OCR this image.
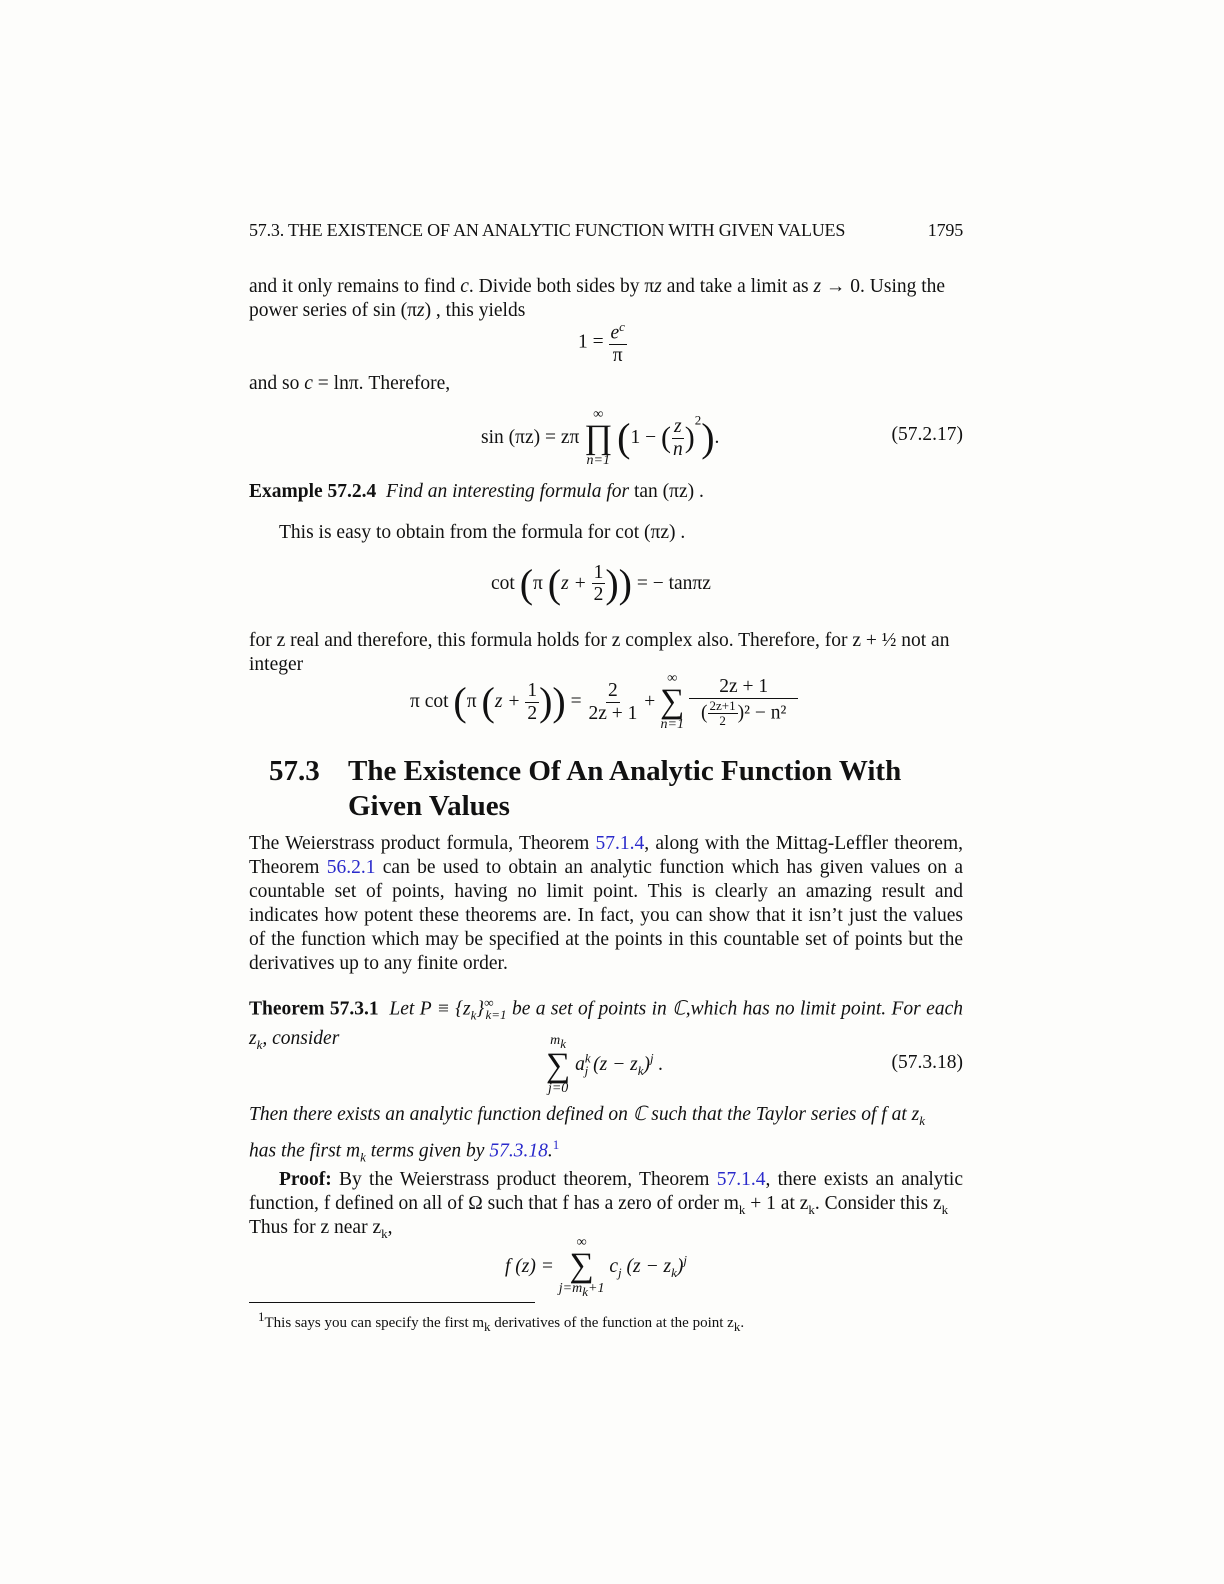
57.3. THE EXISTENCE OF AN ANALYTIC FUNCTION WITH GIVEN VALUES	1795
and it only remains to find c. Divide both sides by πz and take a limit as z → 0. Using the
power series of sin (πz) , this yields
$1 = \frac{e^c}{\pi}$
and so c = lnπ. Therefore,
sin (πz) = zπ
∞
∏
n=1
(1 − ( $\frac{z}{n} )^2$).	(57.2.17)
Example 57.2.4 Find an interesting formula for tan (πz) .
This is easy to obtain from the formula for cot (πz) .
cot (π ($z + \frac{1}{2}$ )) = − tanπz
for z real and therefore, this formula holds for z complex also. Therefore, for z + ½ not an
integer
π cot (π ($z + \frac{1}{2}$ )) = $\frac{2}{2z + 1}$ +
∞
∑
n=1
$\frac{2z + 1}{( \frac{2z+1}{2} )^2 - n^2}$
57.3 The Existence Of An Analytic Function With Given Values
The Weierstrass product formula, Theorem 57.1.4, along with the Mittag-Leffler theorem, Theorem 56.2.1 can be used to obtain an analytic function which has given values on a countable set of points, having no limit point. This is clearly an amazing result and indicates how potent these theorems are. In fact, you can show that it isn’t just the values of the function which may be specified at the points in this countable set of points but the derivatives up to any finite order.
Theorem 57.3.1 Let $P \equiv \{z_k\}^\infty_{k=1}$ be a set of points in ℂ,which has no limit point. For each $z_k$, consider	$m_k$
∑
j=0
$a^k_j$ $(z - z_k)^j$ .	(57.3.18)
Then there exists an analytic function defined on ℂ such that the Taylor series of f at $z_k$
has the first $m_k$ terms given by 57.3.18.$^1$
Proof: By the Weierstrass product theorem, Theorem 57.1.4, there exists an analytic function, f defined on all of Ω such that f has a zero of order $m_k + 1$ at $z_k$. Consider this $z_k$
Thus for z near $z_k$,
f (z) =
∞
∑
$j=m_k+1$
$c_j$ $(z - z_k)^j$
$^1$This says you can specify the first $m_k$ derivatives of the function at the point $z_k$.
